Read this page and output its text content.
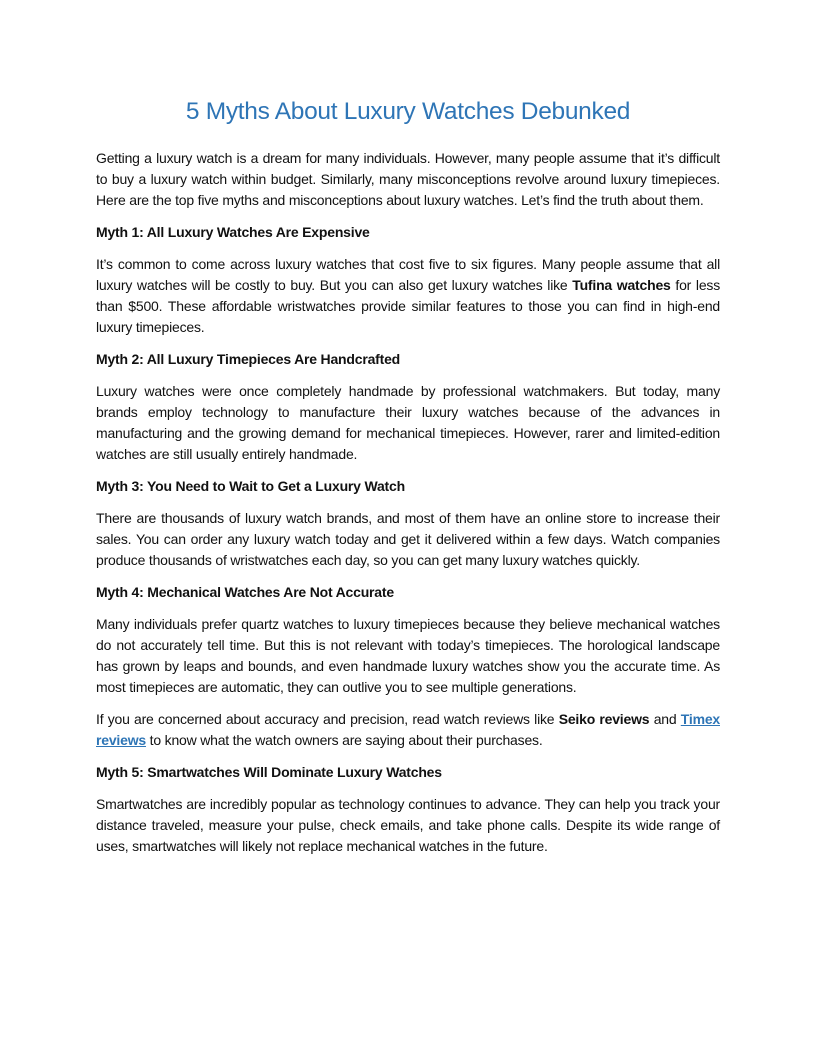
5 Myths About Luxury Watches Debunked

Getting a luxury watch is a dream for many individuals. However, many people assume that it’s difficult to buy a luxury watch within budget. Similarly, many misconceptions revolve around luxury timepieces. Here are the top five myths and misconceptions about luxury watches. Let’s find the truth about them.

Myth 1: All Luxury Watches Are Expensive

It’s common to come across luxury watches that cost five to six figures. Many people assume that all luxury watches will be costly to buy. But you can also get luxury watches like Tufina watches for less than $500. These affordable wristwatches provide similar features to those you can find in high-end luxury timepieces.

Myth 2: All Luxury Timepieces Are Handcrafted

Luxury watches were once completely handmade by professional watchmakers. But today, many brands employ technology to manufacture their luxury watches because of the advances in manufacturing and the growing demand for mechanical timepieces. However, rarer and limited-edition watches are still usually entirely handmade.

Myth 3: You Need to Wait to Get a Luxury Watch

There are thousands of luxury watch brands, and most of them have an online store to increase their sales. You can order any luxury watch today and get it delivered within a few days. Watch companies produce thousands of wristwatches each day, so you can get many luxury watches quickly.

Myth 4: Mechanical Watches Are Not Accurate

Many individuals prefer quartz watches to luxury timepieces because they believe mechanical watches do not accurately tell time. But this is not relevant with today’s timepieces. The horological landscape has grown by leaps and bounds, and even handmade luxury watches show you the accurate time. As most timepieces are automatic, they can outlive you to see multiple generations.

If you are concerned about accuracy and precision, read watch reviews like Seiko reviews and Timex reviews to know what the watch owners are saying about their purchases.

Myth 5: Smartwatches Will Dominate Luxury Watches

Smartwatches are incredibly popular as technology continues to advance. They can help you track your distance traveled, measure your pulse, check emails, and take phone calls. Despite its wide range of uses, smartwatches will likely not replace mechanical watches in the future.
